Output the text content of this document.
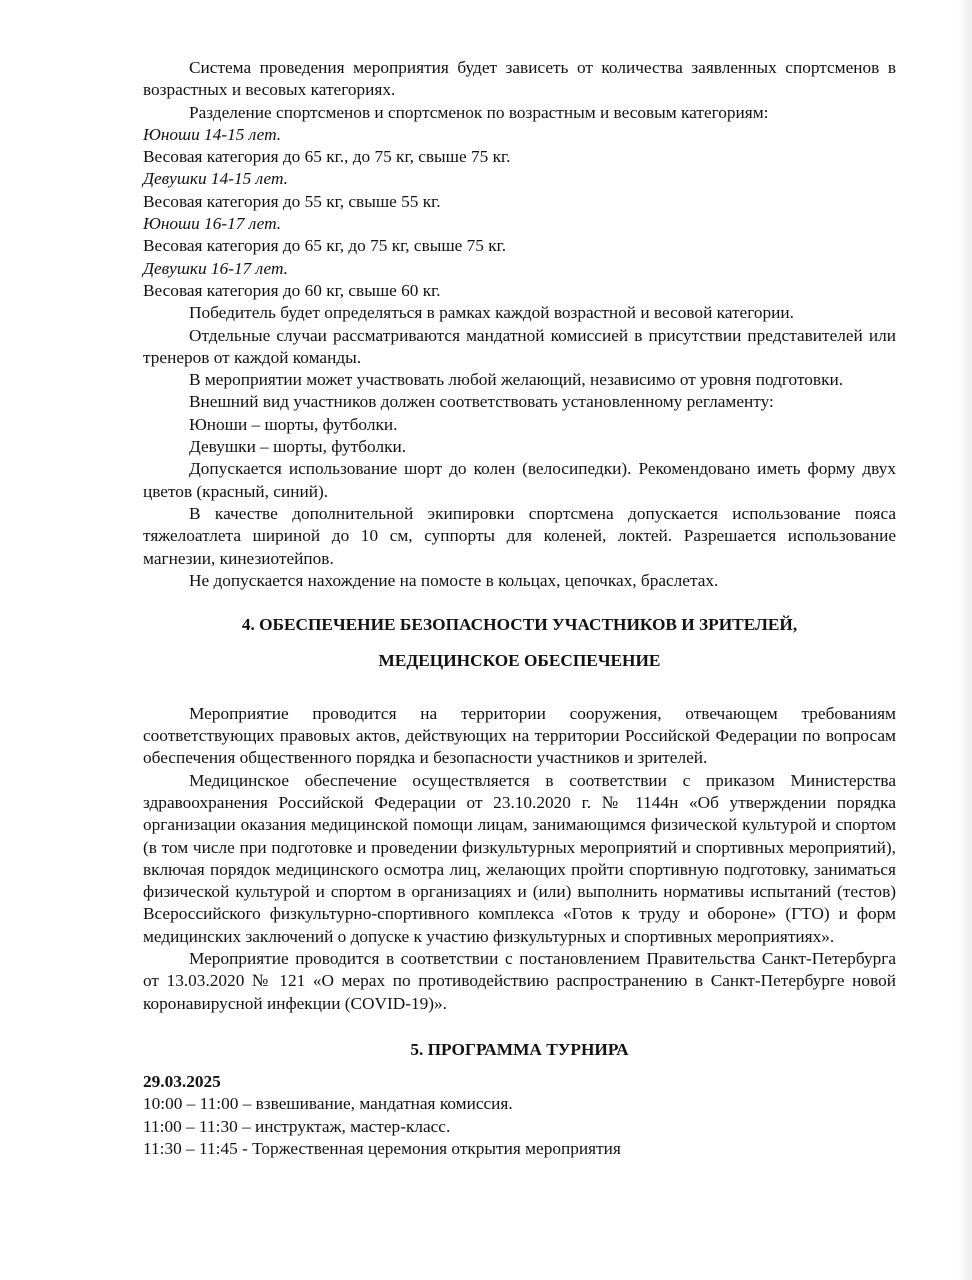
Система проведения мероприятия будет зависеть от количества заявленных спортсменов в возрастных и весовых категориях.

Разделение спортсменов и спортсменок по возрастным и весовым категориям:

Юноши 14-15 лет.

Весовая категория до 65 кг., до 75 кг, свыше 75 кг.

Девушки 14-15 лет.

Весовая категория до 55 кг, свыше 55 кг.

Юноши 16-17 лет.

Весовая категория до 65 кг, до 75 кг, свыше 75 кг.

Девушки 16-17 лет.

Весовая категория до 60 кг, свыше 60 кг.

Победитель будет определяться в рамках каждой возрастной и весовой категории.

Отдельные случаи рассматриваются мандатной комиссией в присутствии представителей или тренеров от каждой команды.

В мероприятии может участвовать любой желающий, независимо от уровня подготовки.

Внешний вид участников должен соответствовать установленному регламенту:

Юноши – шорты, футболки.

Девушки – шорты, футболки.

Допускается использование шорт до колен (велосипедки). Рекомендовано иметь форму двух цветов (красный, синий).

В качестве дополнительной экипировки спортсмена допускается использование пояса тяжелоатлета шириной до 10 см, суппорты для коленей, локтей. Разрешается использование магнезии, кинезиотейпов.

Не допускается нахождение на помосте в кольцах, цепочках, браслетах.

4. ОБЕСПЕЧЕНИЕ БЕЗОПАСНОСТИ УЧАСТНИКОВ И ЗРИТЕЛЕЙ,

МЕДЕЦИНСКОЕ ОБЕСПЕЧЕНИЕ

Мероприятие проводится на территории сооружения, отвечающем требованиям соответствующих правовых актов, действующих на территории Российской Федерации по вопросам обеспечения общественного порядка и безопасности участников и зрителей.

Медицинское обеспечение осуществляется в соответствии с приказом Министерства здравоохранения Российской Федерации от 23.10.2020 г. № 1144н «Об утверждении порядка организации оказания медицинской помощи лицам, занимающимся физической культурой и спортом (в том числе при подготовке и проведении физкультурных мероприятий и спортивных мероприятий), включая порядок медицинского осмотра лиц, желающих пройти спортивную подготовку, заниматься физической культурой и спортом в организациях и (или) выполнить нормативы испытаний (тестов) Всероссийского физкультурно-спортивного комплекса «Готов к труду и обороне» (ГТО) и форм медицинских заключений о допуске к участию физкультурных и спортивных мероприятиях».

Мероприятие проводится в соответствии с постановлением Правительства Санкт-Петербурга от 13.03.2020 № 121 «О мерах по противодействию распространению в Санкт-Петербурге новой коронавирусной инфекции (COVID-19)».

5. ПРОГРАММА ТУРНИРА

29.03.2025

10:00 – 11:00 – взвешивание, мандатная комиссия.

11:00 – 11:30 – инструктаж, мастер-класс.

11:30 – 11:45 - Торжественная церемония открытия мероприятия
